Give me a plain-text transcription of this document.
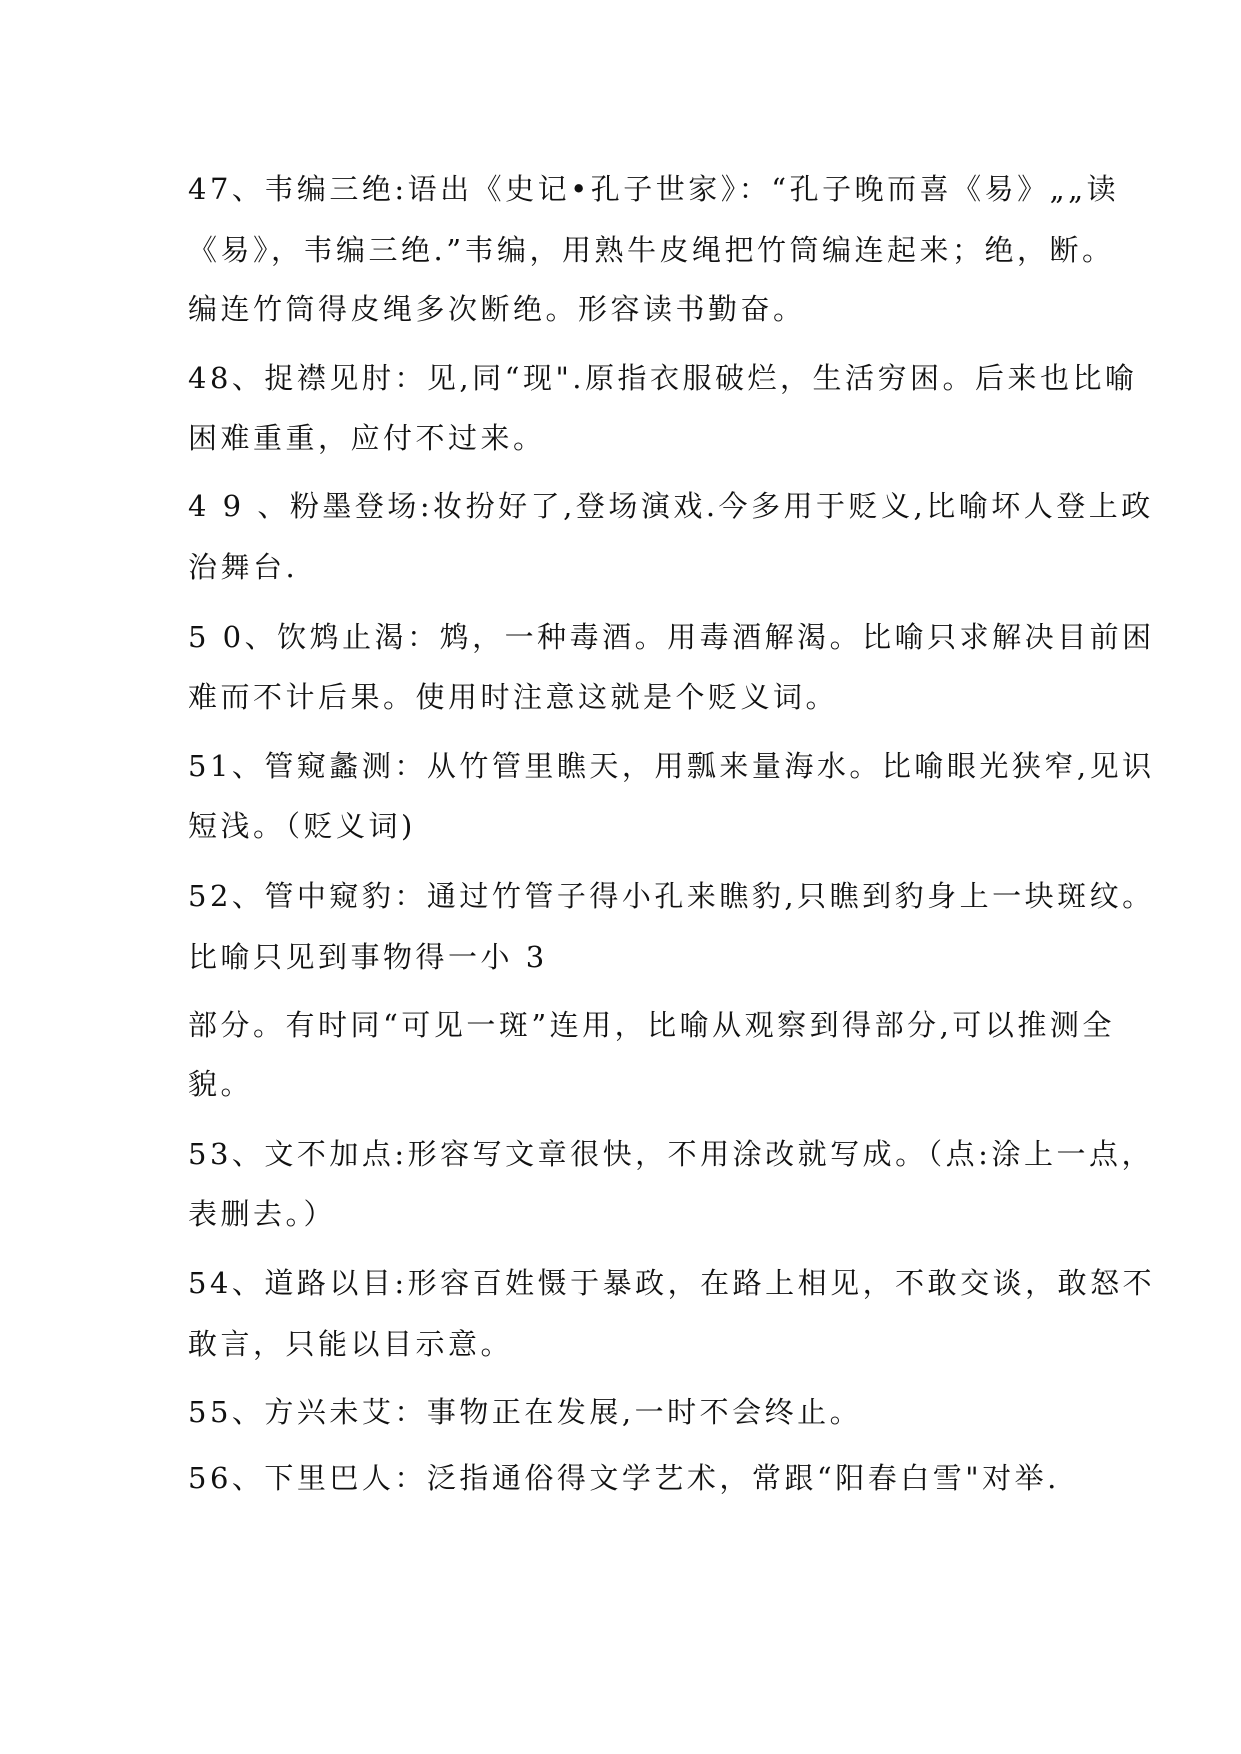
47、韦编三绝:语出《史记•孔子世家》：“孔子晚而喜《易》„„读
《易》，韦编三绝.”韦编，用熟牛皮绳把竹筒编连起来；绝，断。
编连竹筒得皮绳多次断绝。形容读书勤奋。
48、捉襟见肘：见,同“现".原指衣服破烂，生活穷困。后来也比喻
困难重重，应付不过来。
4 9 、粉墨登场:妆扮好了,登场演戏.今多用于贬义,比喻坏人登上政
治舞台.
5 0、饮鸩止渴：鸩，一种毒酒。用毒酒解渴。比喻只求解决目前困
难而不计后果。使用时注意这就是个贬义词。
51、管窥蠡测：从竹管里瞧天，用瓢来量海水。比喻眼光狭窄,见识
短浅。（贬义词)
52、管中窥豹：通过竹管子得小孔来瞧豹,只瞧到豹身上一块斑纹。
比喻只见到事物得一小 3
部分。有时同“可见一斑”连用，比喻从观察到得部分,可以推测全
貌。
53、文不加点:形容写文章很快，不用涂改就写成。（点:涂上一点，
表删去。）
54、道路以目:形容百姓慑于暴政，在路上相见，不敢交谈，敢怒不
敢言，只能以目示意。
55、方兴未艾：事物正在发展,一时不会终止。
56、下里巴人：泛指通俗得文学艺术，常跟“阳春白雪"对举.
